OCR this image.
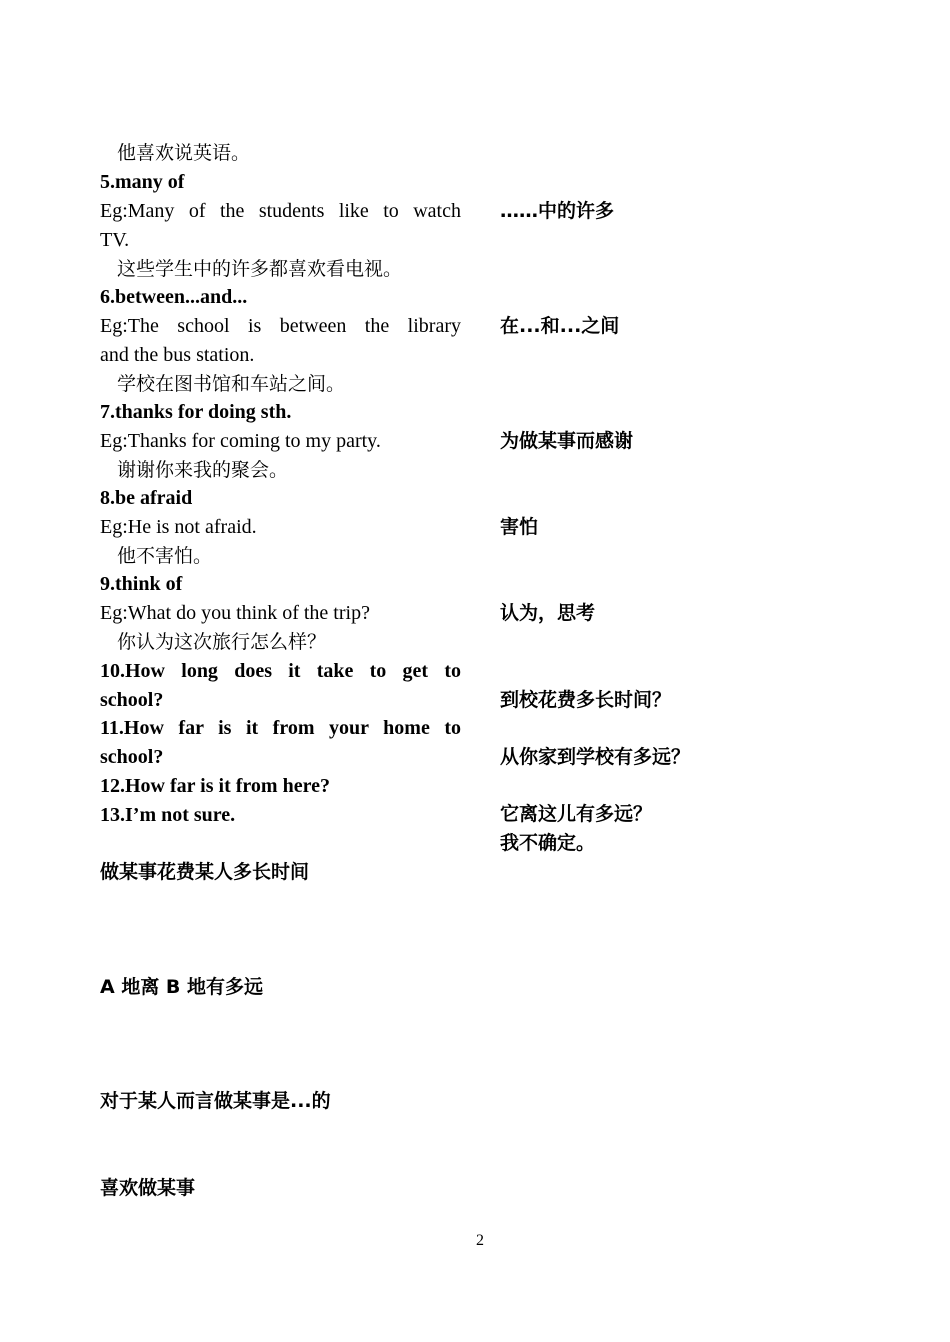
他喜欢说英语。
5.many of
Eg:Many of the students like to watch
TV.
这些学生中的许多都喜欢看电视。
……中的许多
6.between...and...
Eg:The school is between the library
and the bus station.
学校在图书馆和车站之间。
在...和...之间
7.thanks for doing sth.
Eg:Thanks for coming to my party.
谢谢你来我的聚会。
为做某事而感谢
8.be afraid
Eg:He is not afraid.
他不害怕。
害怕
9.think of
Eg:What do you think of the trip?
你认为这次旅行怎么样？
认为，思考
10.How long does it take to get to
school?	到校花费多长时间？
11.How far is it from your home to
school?	从你家到学校有多远？
12.How far is it from here?
它离这儿有多远？
13.I’m not sure.
我不确定。
做某事花费某人多长时间
A 地离 B 地有多远
对于某人而言做某事是...的
喜欢做某事
2
